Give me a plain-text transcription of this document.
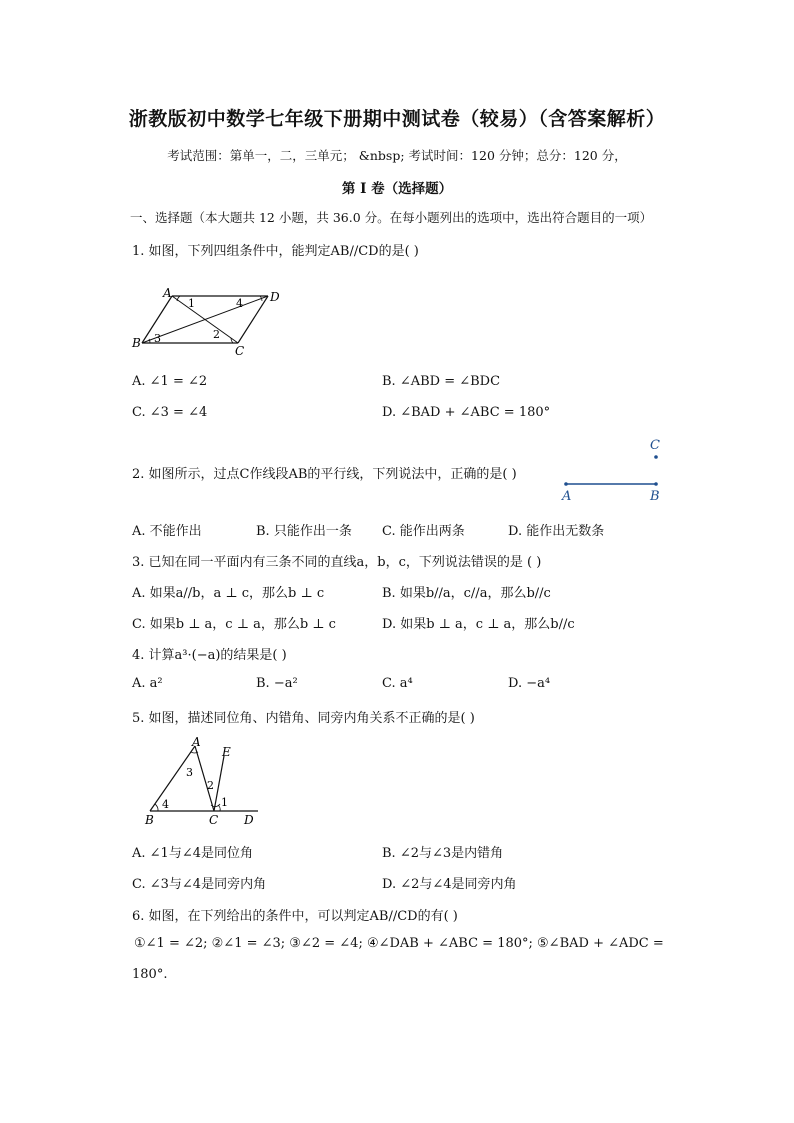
浙教版初中数学七年级下册期中测试卷（较易）（含答案解析）
考试范围：第单一，二，三单元； &nbsp; 考试时间：120 分钟；总分：120 分，
第 I 卷（选择题）
一、选择题（本大题共 12 小题，共 36.0 分。在每小题列出的选项中，选出符合题目的一项）
1. 如图，下列四组条件中，能判定AB//CD的是( )
A	D
B
C
1	4
3	2
A. ∠1 = ∠2	B. ∠ABD = ∠BDC
C. ∠3 = ∠4	D. ∠BAD + ∠ABC = 180°
2. 如图所示，过点C作线段AB的平行线，下列说法中，正确的是( )
C
A	B
A. 不能作出	B. 只能作出一条 C. 能作出两条	D. 能作出无数条
3. 已知在同一平面内有三条不同的直线a，b，c，下列说法错误的是 ( )
A. 如果a//b，a ⊥ c，那么b ⊥ c	B. 如果b//a，c//a，那么b//c
C. 如果b ⊥ a，c ⊥ a，那么b ⊥ c	D. 如果b ⊥ a，c ⊥ a，那么b//c
4. 计算a³·(−a)的结果是( )
A. a²	B. −a²	C. a⁴	D. −a⁴
5. 如图，描述同位角、内错角、同旁内角关系不正确的是( )
A
E
3
2
4	1
B	C D
A. ∠1与∠4是同位角	B. ∠2与∠3是内错角
C. ∠3与∠4是同旁内角	D. ∠2与∠4是同旁内角
6. 如图，在下列给出的条件中，可以判定AB//CD的有( )
①∠1 = ∠2; ②∠1 = ∠3; ③∠2 = ∠4; ④∠DAB + ∠ABC = 180°; ⑤∠BAD + ∠ADC =
180°.
